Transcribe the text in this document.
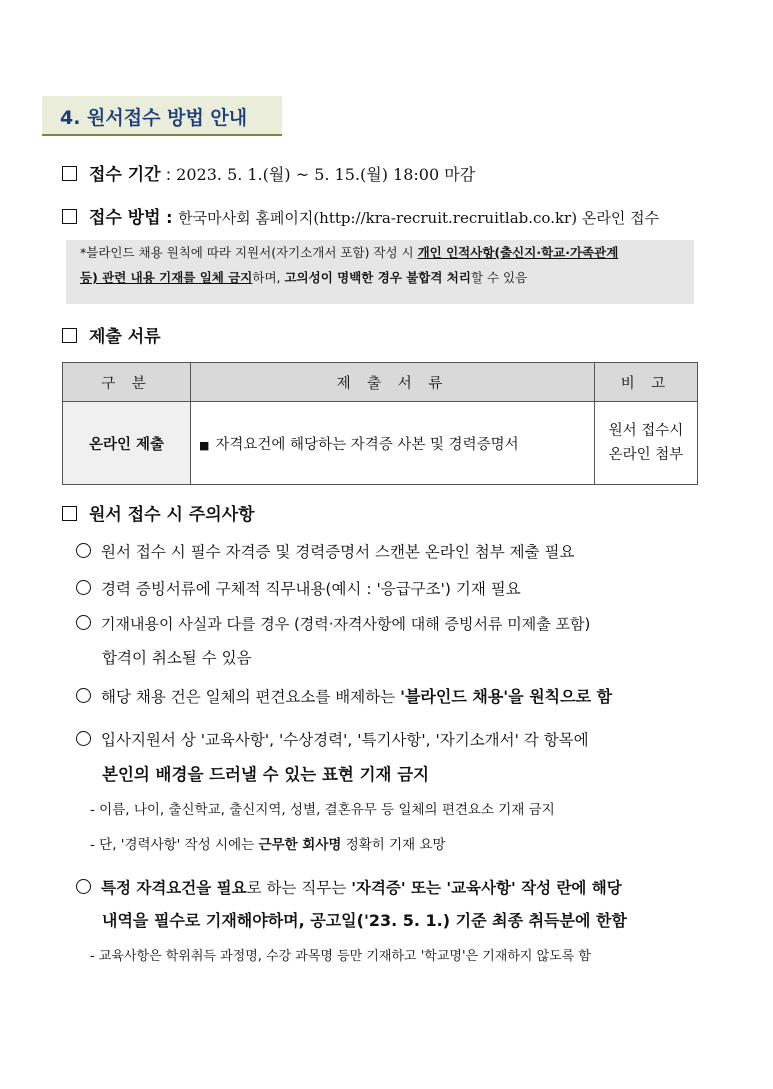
4. 원서접수 방법 안내
접수 기간 : 2023. 5. 1.(월) ~ 5. 15.(월) 18:00 마감
접수 방법 : 한국마사회 홈페이지(http://kra-recruit.recruitlab.co.kr) 온라인 접수
*블라인드 채용 원칙에 따라 지원서(자기소개서 포함) 작성 시 개인 인적사항(출신지·학교·가족관계
등) 관련 내용 기재를 일체 금지하며, 고의성이 명백한 경우 불합격 처리할 수 있음
제출 서류
구 분	제 출 서 류	비 고
온라인 제출	■ 자격요건에 해당하는 자격증 사본 및 경력증명서	원서 접수시
온라인 첨부
원서 접수 시 주의사항
원서 접수 시 필수 자격증 및 경력증명서 스캔본 온라인 첨부 제출 필요
경력 증빙서류에 구체적 직무내용(예시 : '응급구조') 기재 필요
기재내용이 사실과 다를 경우 (경력·자격사항에 대해 증빙서류 미제출 포함)
합격이 취소될 수 있음
해당 채용 건은 일체의 편견요소를 배제하는 '블라인드 채용'을 원칙으로 함
입사지원서 상 '교육사항', '수상경력', '특기사항', '자기소개서' 각 항목에
본인의 배경을 드러낼 수 있는 표현 기재 금지
- 이름, 나이, 출신학교, 출신지역, 성별, 결혼유무 등 일체의 편견요소 기재 금지
- 단, '경력사항' 작성 시에는 근무한 회사명 정확히 기재 요망
특정 자격요건을 필요로 하는 직무는 '자격증' 또는 '교육사항' 작성 란에 해당
내역을 필수로 기재해야하며, 공고일('23. 5. 1.) 기준 최종 취득분에 한함
- 교육사항은 학위취득 과정명, 수강 과목명 등만 기재하고 '학교명'은 기재하지 않도록 함
